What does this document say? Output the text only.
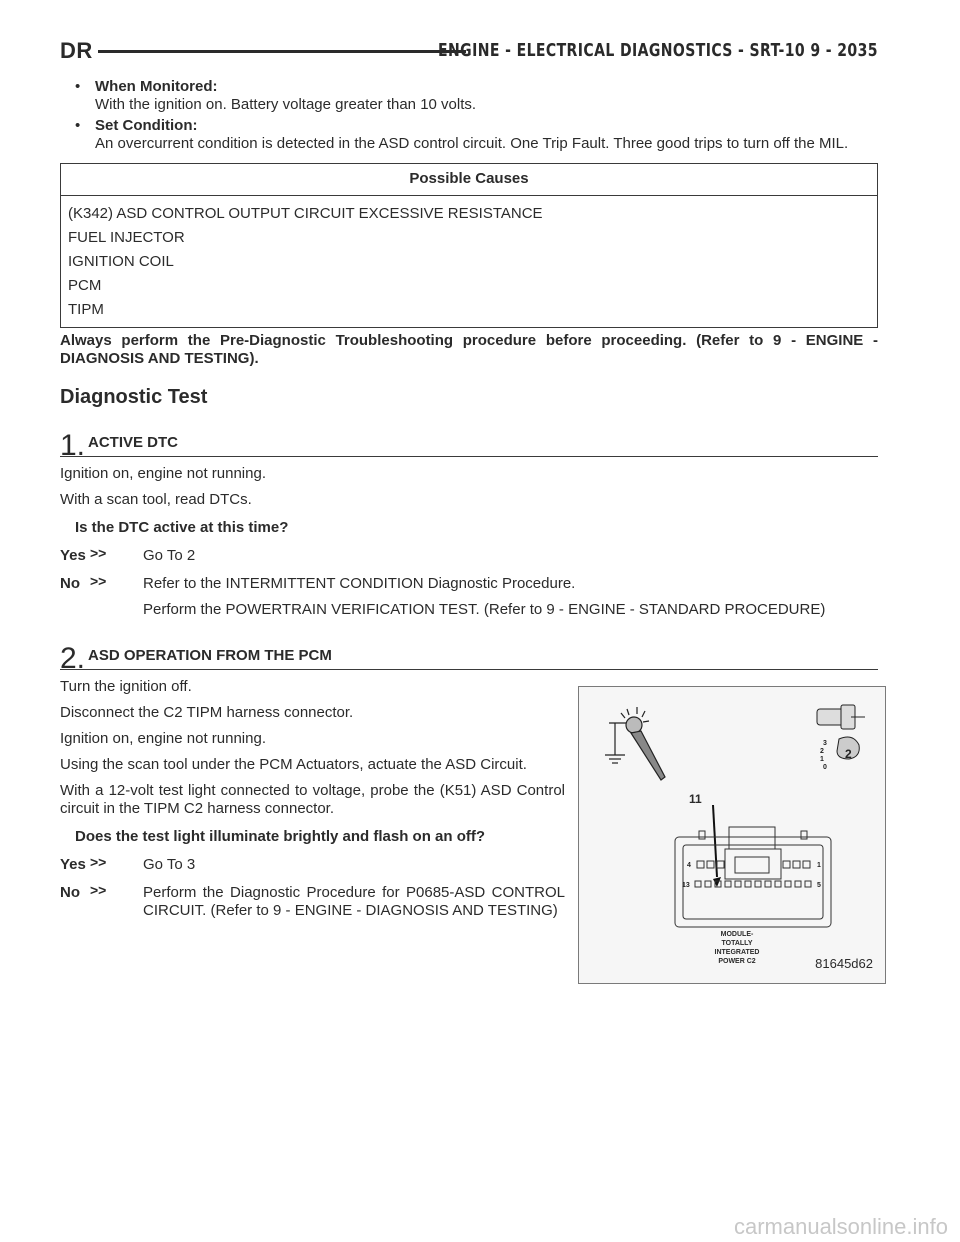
DR	ENGINE - ELECTRICAL DIAGNOSTICS - SRT-10 9 - 2035
• When Monitored:
With the ignition on. Battery voltage greater than 10 volts.
• Set Condition:
An overcurrent condition is detected in the ASD control circuit. One Trip Fault. Three good trips to turn off the MIL.
Possible Causes
(K342) ASD CONTROL OUTPUT CIRCUIT EXCESSIVE RESISTANCE
FUEL INJECTOR
IGNITION COIL
PCM
TIPM
Always perform the Pre-Diagnostic Troubleshooting procedure before proceeding. (Refer to 9 - ENGINE - DIAGNOSIS AND TESTING).
Diagnostic Test
1. ACTIVE DTC
Ignition on, engine not running.
With a scan tool, read DTCs.
Is the DTC active at this time?
Yes >> Go To 2
No >> Refer to the INTERMITTENT CONDITION Diagnostic Procedure.
Perform the POWERTRAIN VERIFICATION TEST. (Refer to 9 - ENGINE - STANDARD PROCEDURE)
2. ASD OPERATION FROM THE PCM
Turn the ignition off.
Disconnect the C2 TIPM harness connector.
Ignition on, engine not running.
Using the scan tool under the PCM Actuators, actuate the ASD Circuit.
With a 12-volt test light connected to voltage, probe the (K51) ASD Control circuit in the TIPM C2 harness connector.
Does the test light illuminate brightly and flash on an off?
Yes >> Go To 3
No >> Perform the Diagnostic Procedure for P0685-ASD CONTROL CIRCUIT. (Refer to 9 - ENGINE - DIAGNOSIS AND TESTING)
3
2
1
0
2
4	1
13	5
11
MODULE-
TOTALLY
INTEGRATED
POWER C2	81645d62
carmanualsonline.info
